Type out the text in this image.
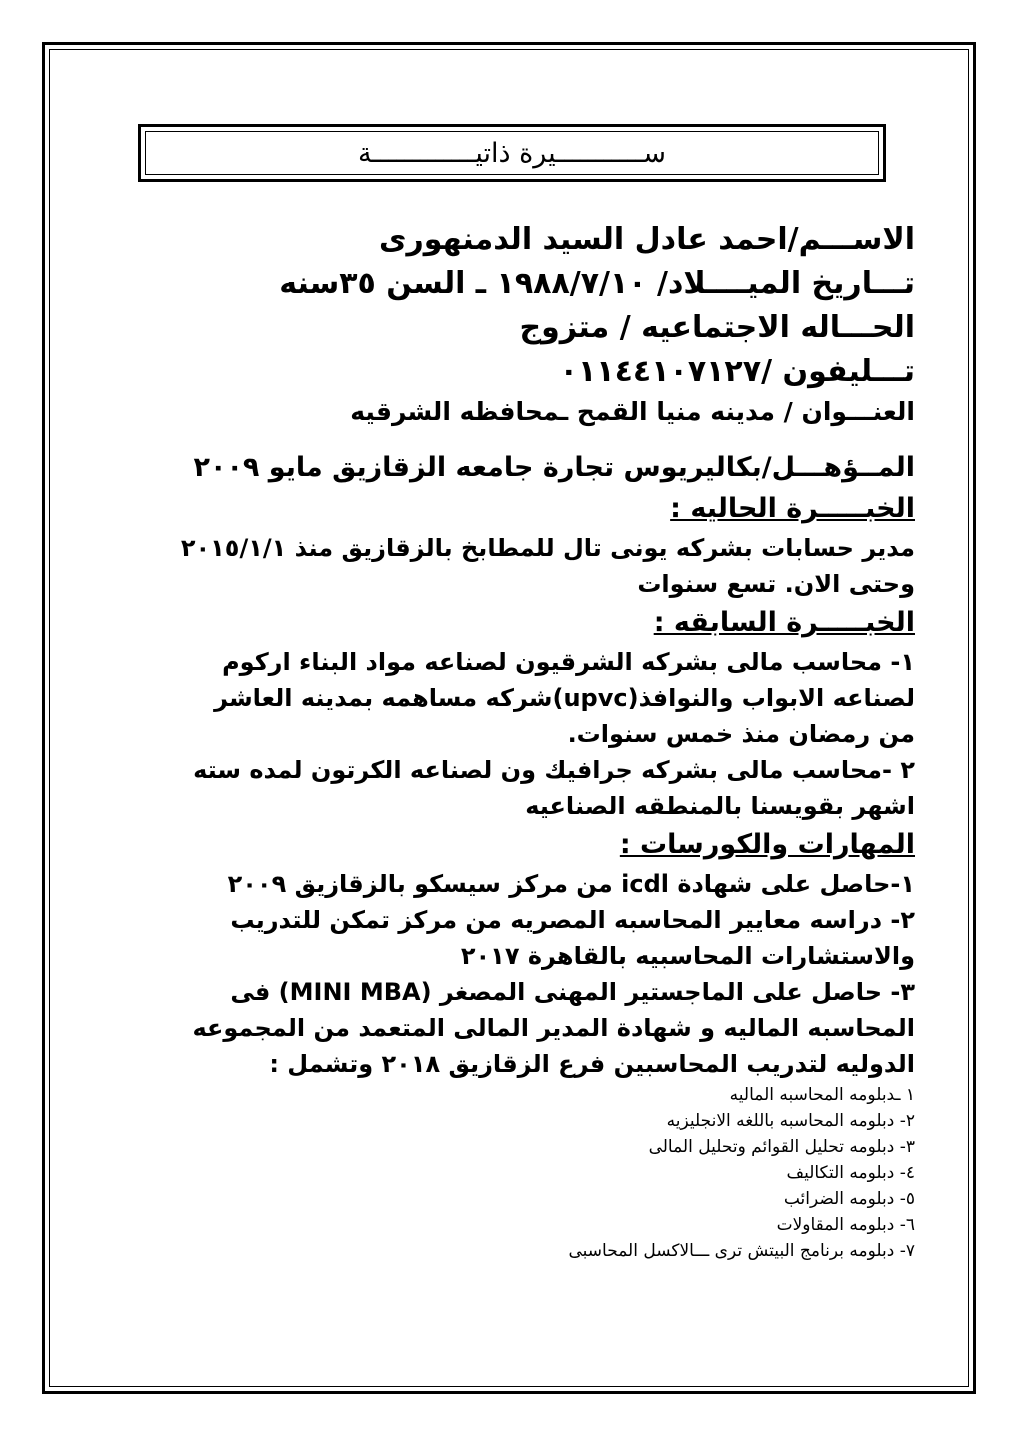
ســـــــــــيرة ذاتيـــــــــــــة
الاســـم/احمد عادل السيد الدمنهورى
تـــاريخ الميــــلاد/ ١٩٨٨/٧/١٠ ـ السن ٣٥سنه
الحـــاله الاجتماعيه / متزوج
تـــليفون /٠١١٤٤١٠٧١٢٧
العنـــوان / مدينه منيا القمح ـمحافظه الشرقيه
المــؤهـــل/بكاليريوس تجارة جامعه الزقازيق مايو ٢٠٠٩
الخبـــــرة الحاليه :
مدير حسابات بشركه يونى تال للمطابخ بالزقازيق منذ ٢٠١٥/١/١ وحتى الان. تسع سنوات
الخبـــــرة السابقه :
١- محاسب مالى بشركه الشرقيون لصناعه مواد البناء اركوم لصناعه الابواب والنوافذ(upvc)شركه مساهمه بمدينه العاشر من رمضان منذ خمس سنوات.
٢ -محاسب مالى بشركه جرافيك ون لصناعه الكرتون لمده سته اشهر بقويسنا بالمنطقه الصناعيه
المهارات والكورسات :
١-حاصل على شهادة icdl من مركز سيسكو بالزقازيق ٢٠٠٩
٢- دراسه معايير المحاسبه المصريه من مركز تمكن للتدريب والاستشارات المحاسبيه بالقاهرة ٢٠١٧
٣- حاصل على الماجستير المهنى المصغر (MINI MBA) فى المحاسبه الماليه و شهادة المدير المالى المتعمد من المجموعه الدوليه لتدريب المحاسبين فرع الزقازيق ٢٠١٨ وتشمل :
١ ـدبلومه المحاسبه الماليه
٢- دبلومه المحاسبه باللغه الانجليزيه
٣- دبلومه تحليل القوائم وتحليل المالى
٤- دبلومه التكاليف
٥- دبلومه الضرائب
٦- دبلومه المقاولات
٧- دبلومه برنامج البيتش ترى ـــالاكسل المحاسبى
